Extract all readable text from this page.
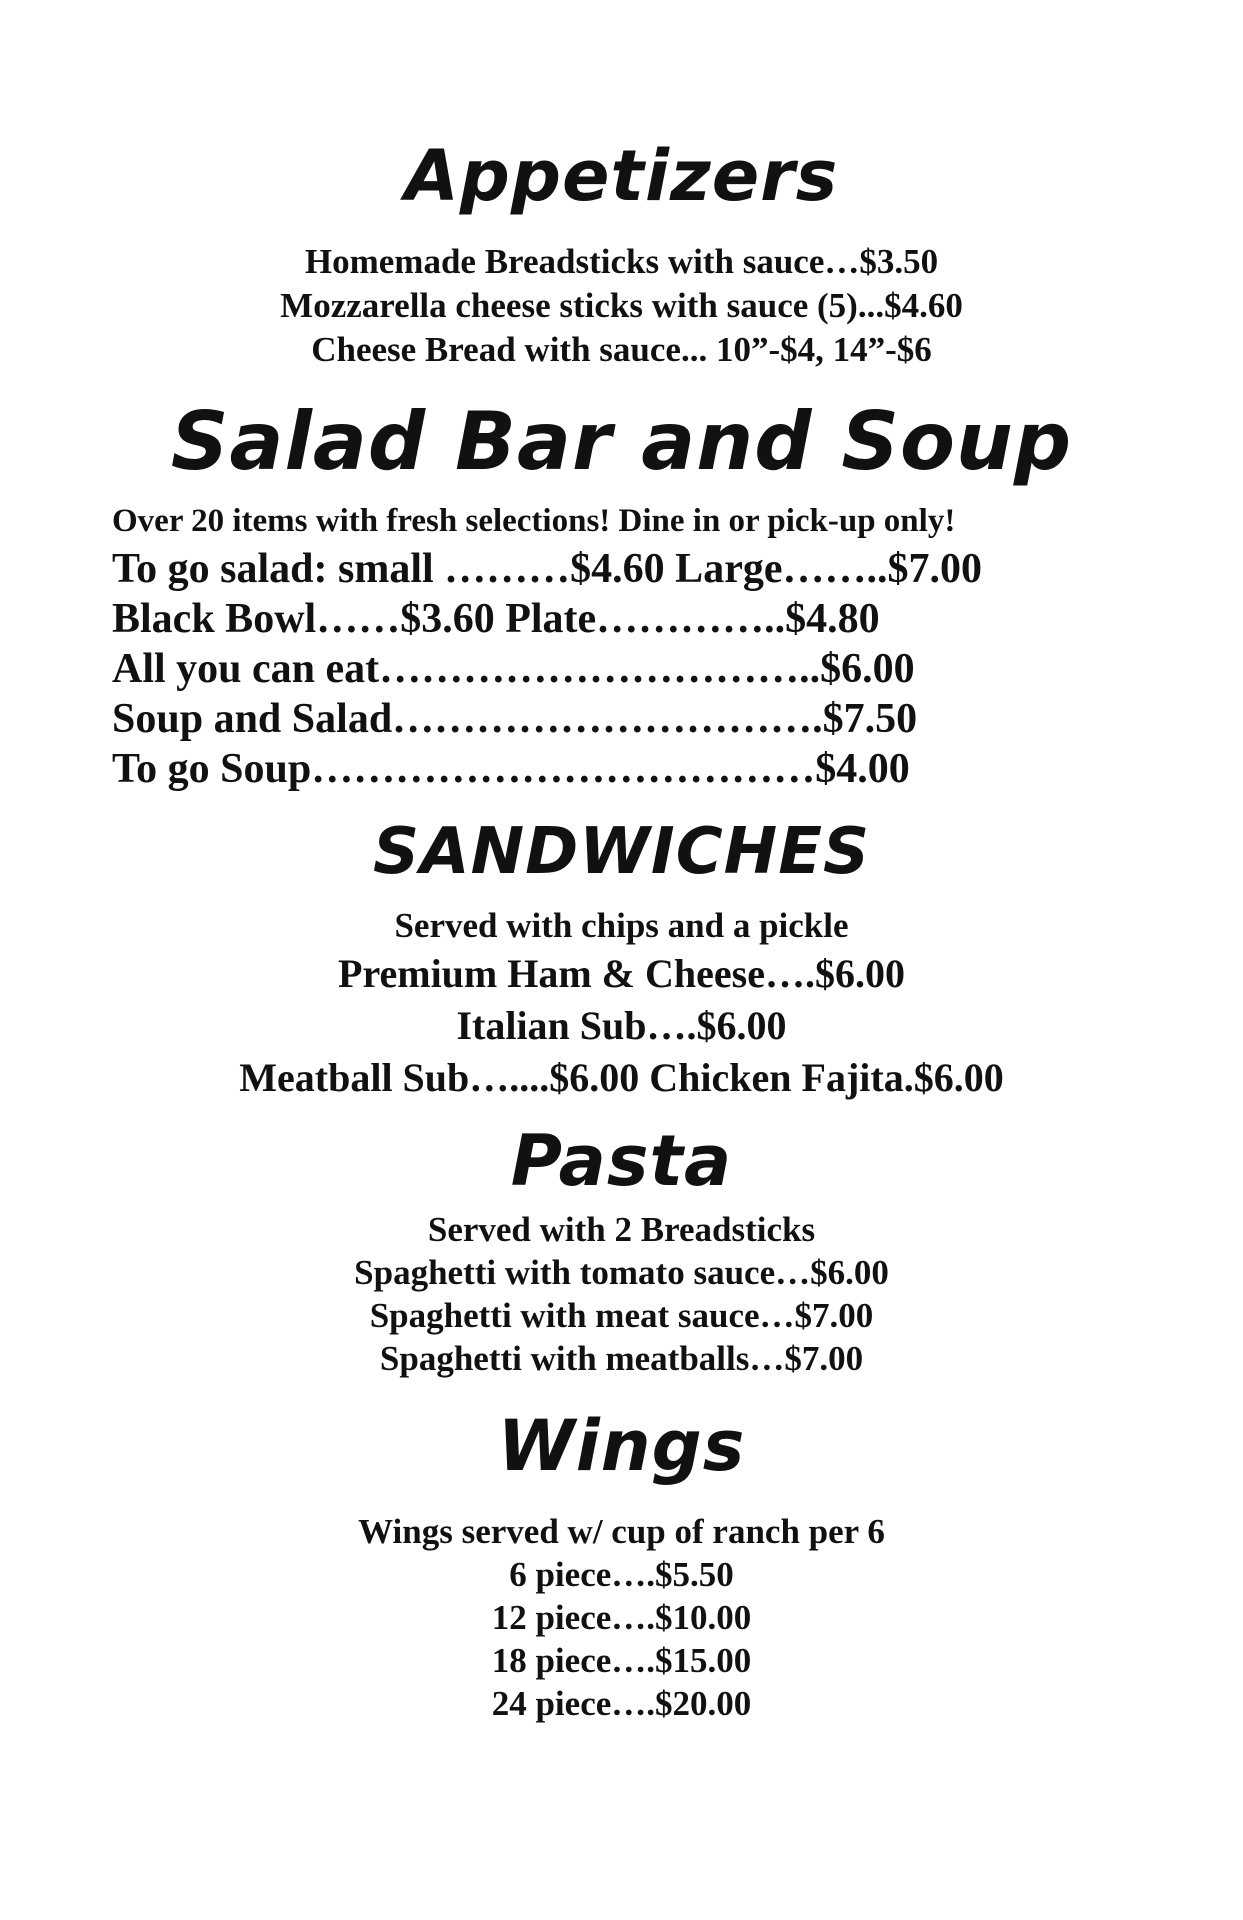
Appetizers
Homemade Breadsticks with sauce…$3.50
Mozzarella cheese sticks with sauce (5)...$4.60
Cheese Bread with sauce... 10”-$4, 14”-$6
Salad Bar and Soup
Over 20 items with fresh selections! Dine in or pick-up only!
To go salad: small ………$4.60 Large……..$7.00
Black Bowl……$3.60 Plate…………..$4.80
All you can eat…………………………..$6.00
Soup and Salad………………………….$7.50
To go Soup………………………………$4.00
SANDWICHES
Served with chips and a pickle
Premium Ham & Cheese….$6.00
Italian Sub….$6.00
Meatball Sub…....$6.00 Chicken Fajita.$6.00
Pasta
Served with 2 Breadsticks
Spaghetti with tomato sauce…$6.00
Spaghetti with meat sauce…$7.00
Spaghetti with meatballs…$7.00
Wings
Wings served w/ cup of ranch per 6
6 piece….$5.50
12 piece….$10.00
18 piece….$15.00
24 piece….$20.00
